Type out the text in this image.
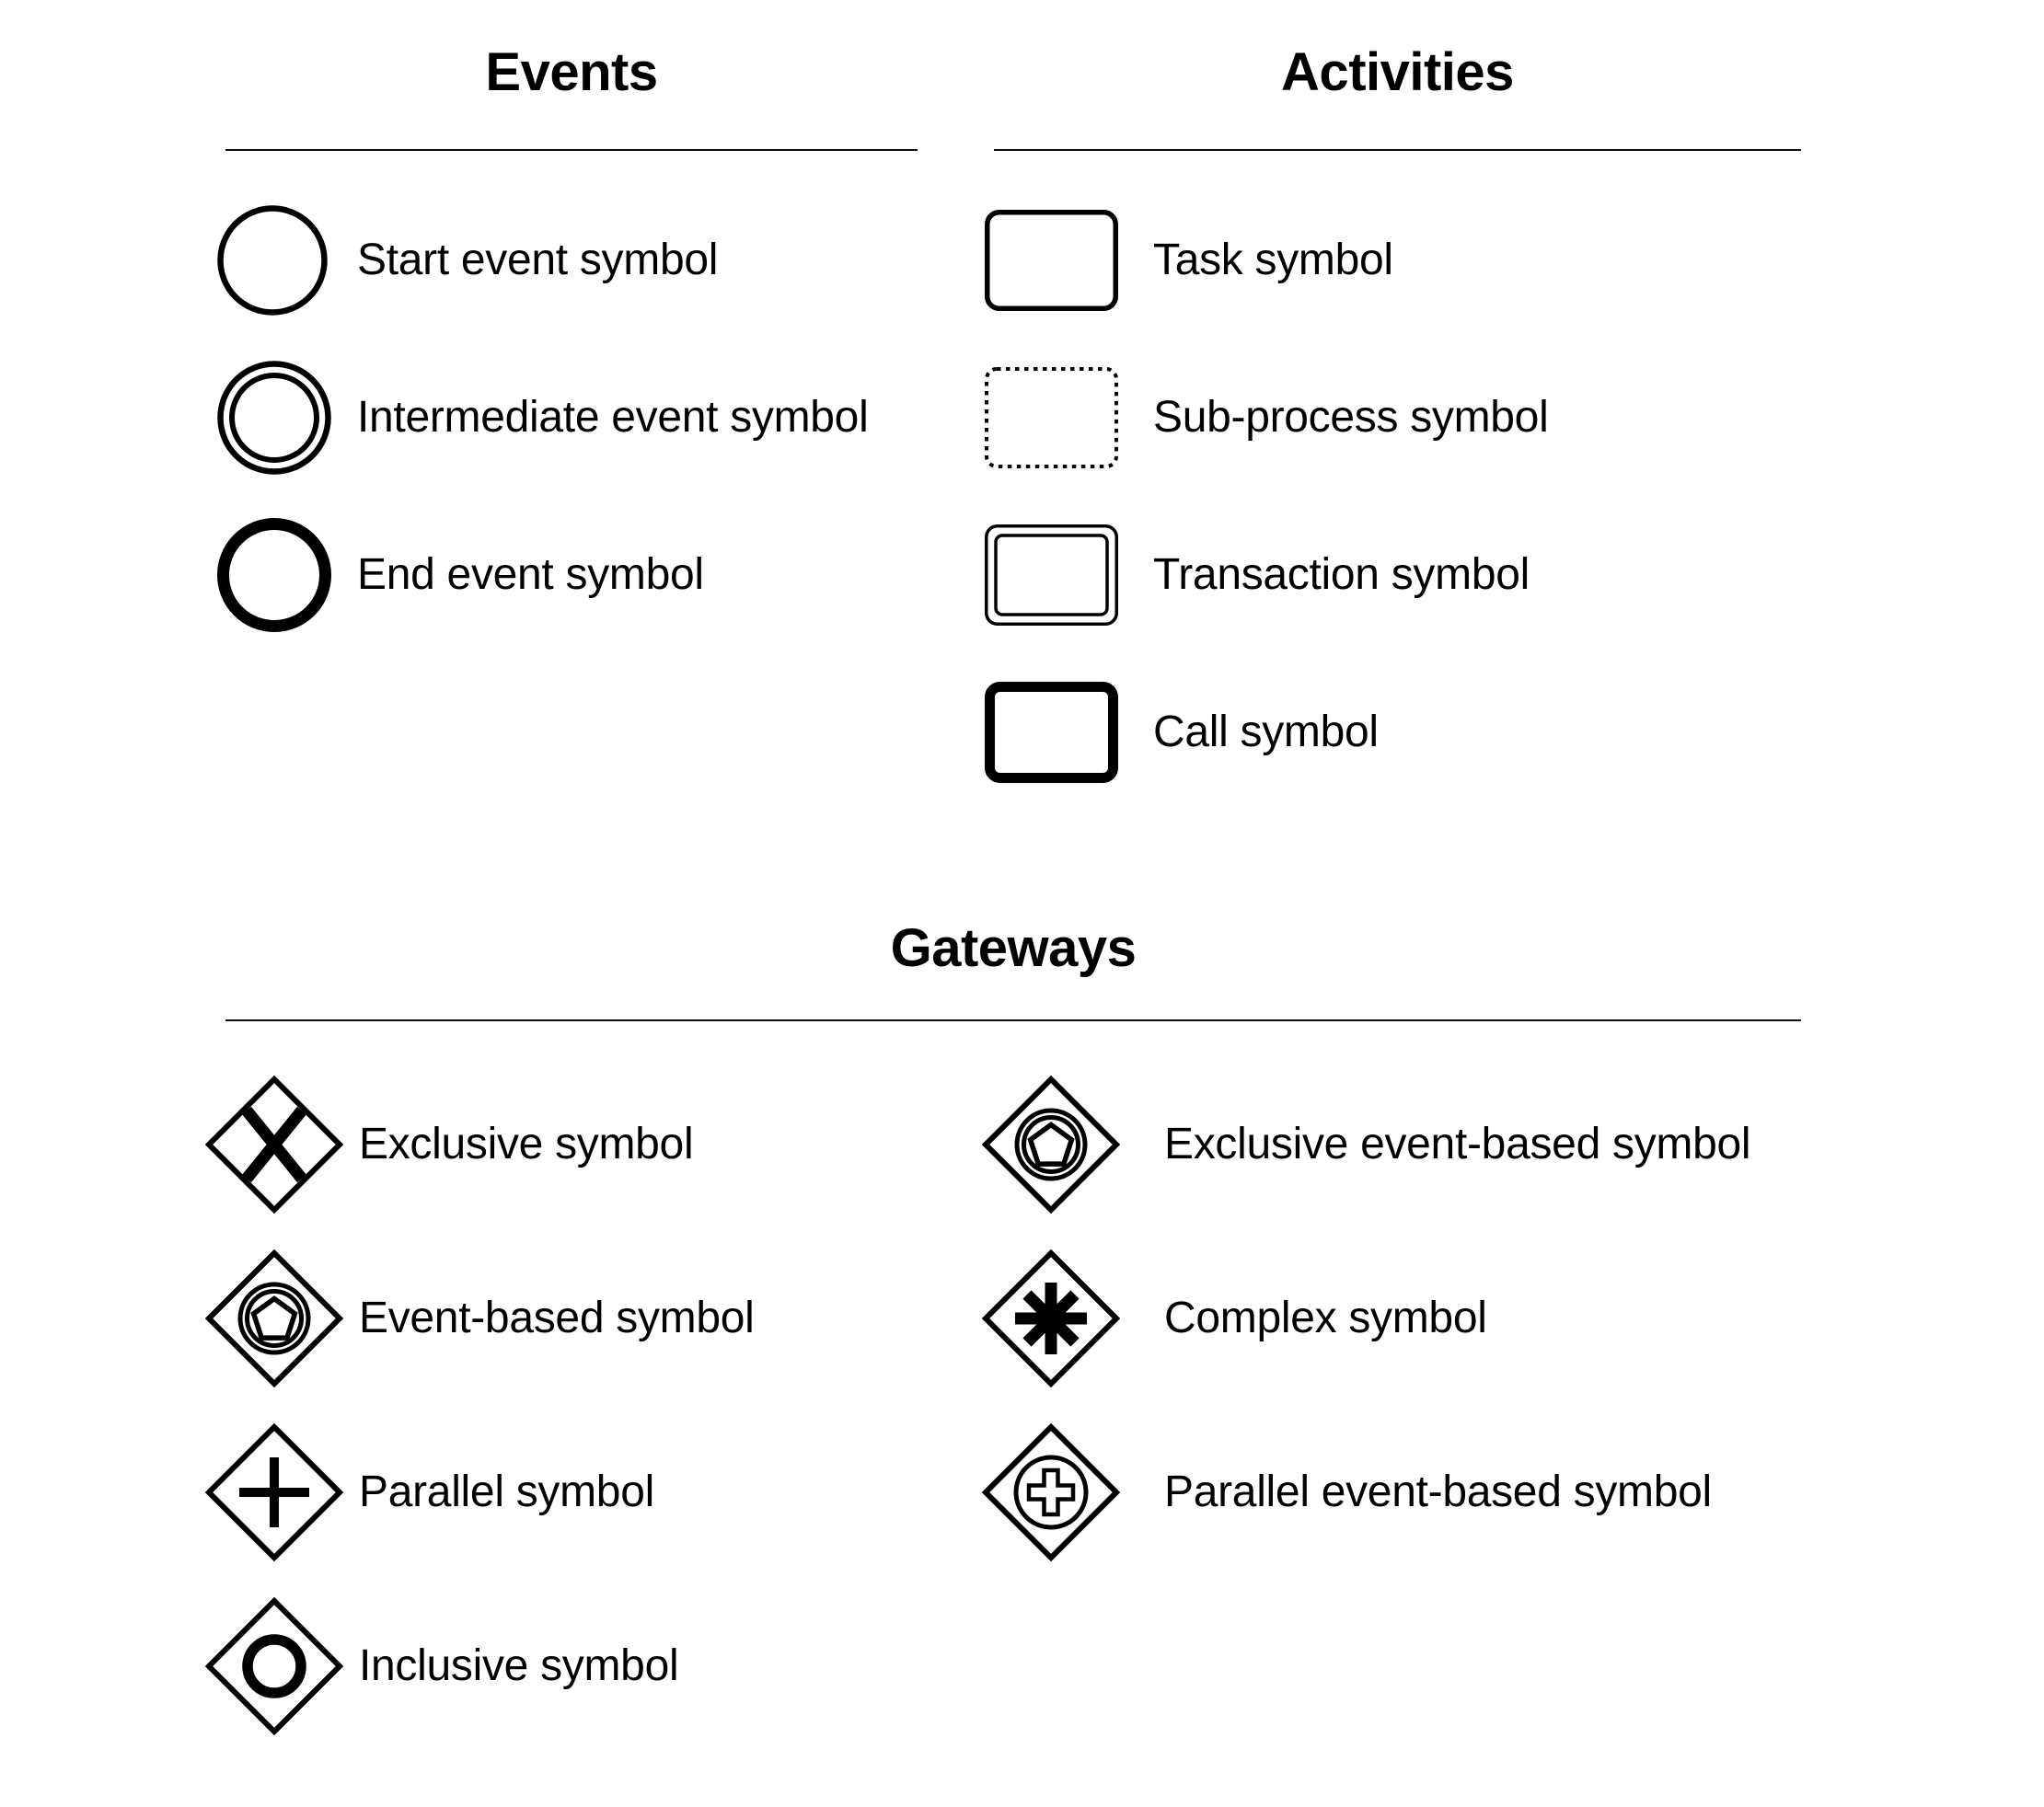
Events	Activities
Start event symbol
Intermediate event symbol
End event symbol
Task symbol
Sub-process symbol
Transaction symbol
Call symbol
Gateways
Exclusive symbol
Event-based symbol
Parallel symbol
Inclusive symbol
Exclusive event-based symbol
Complex symbol
Parallel event-based symbol
